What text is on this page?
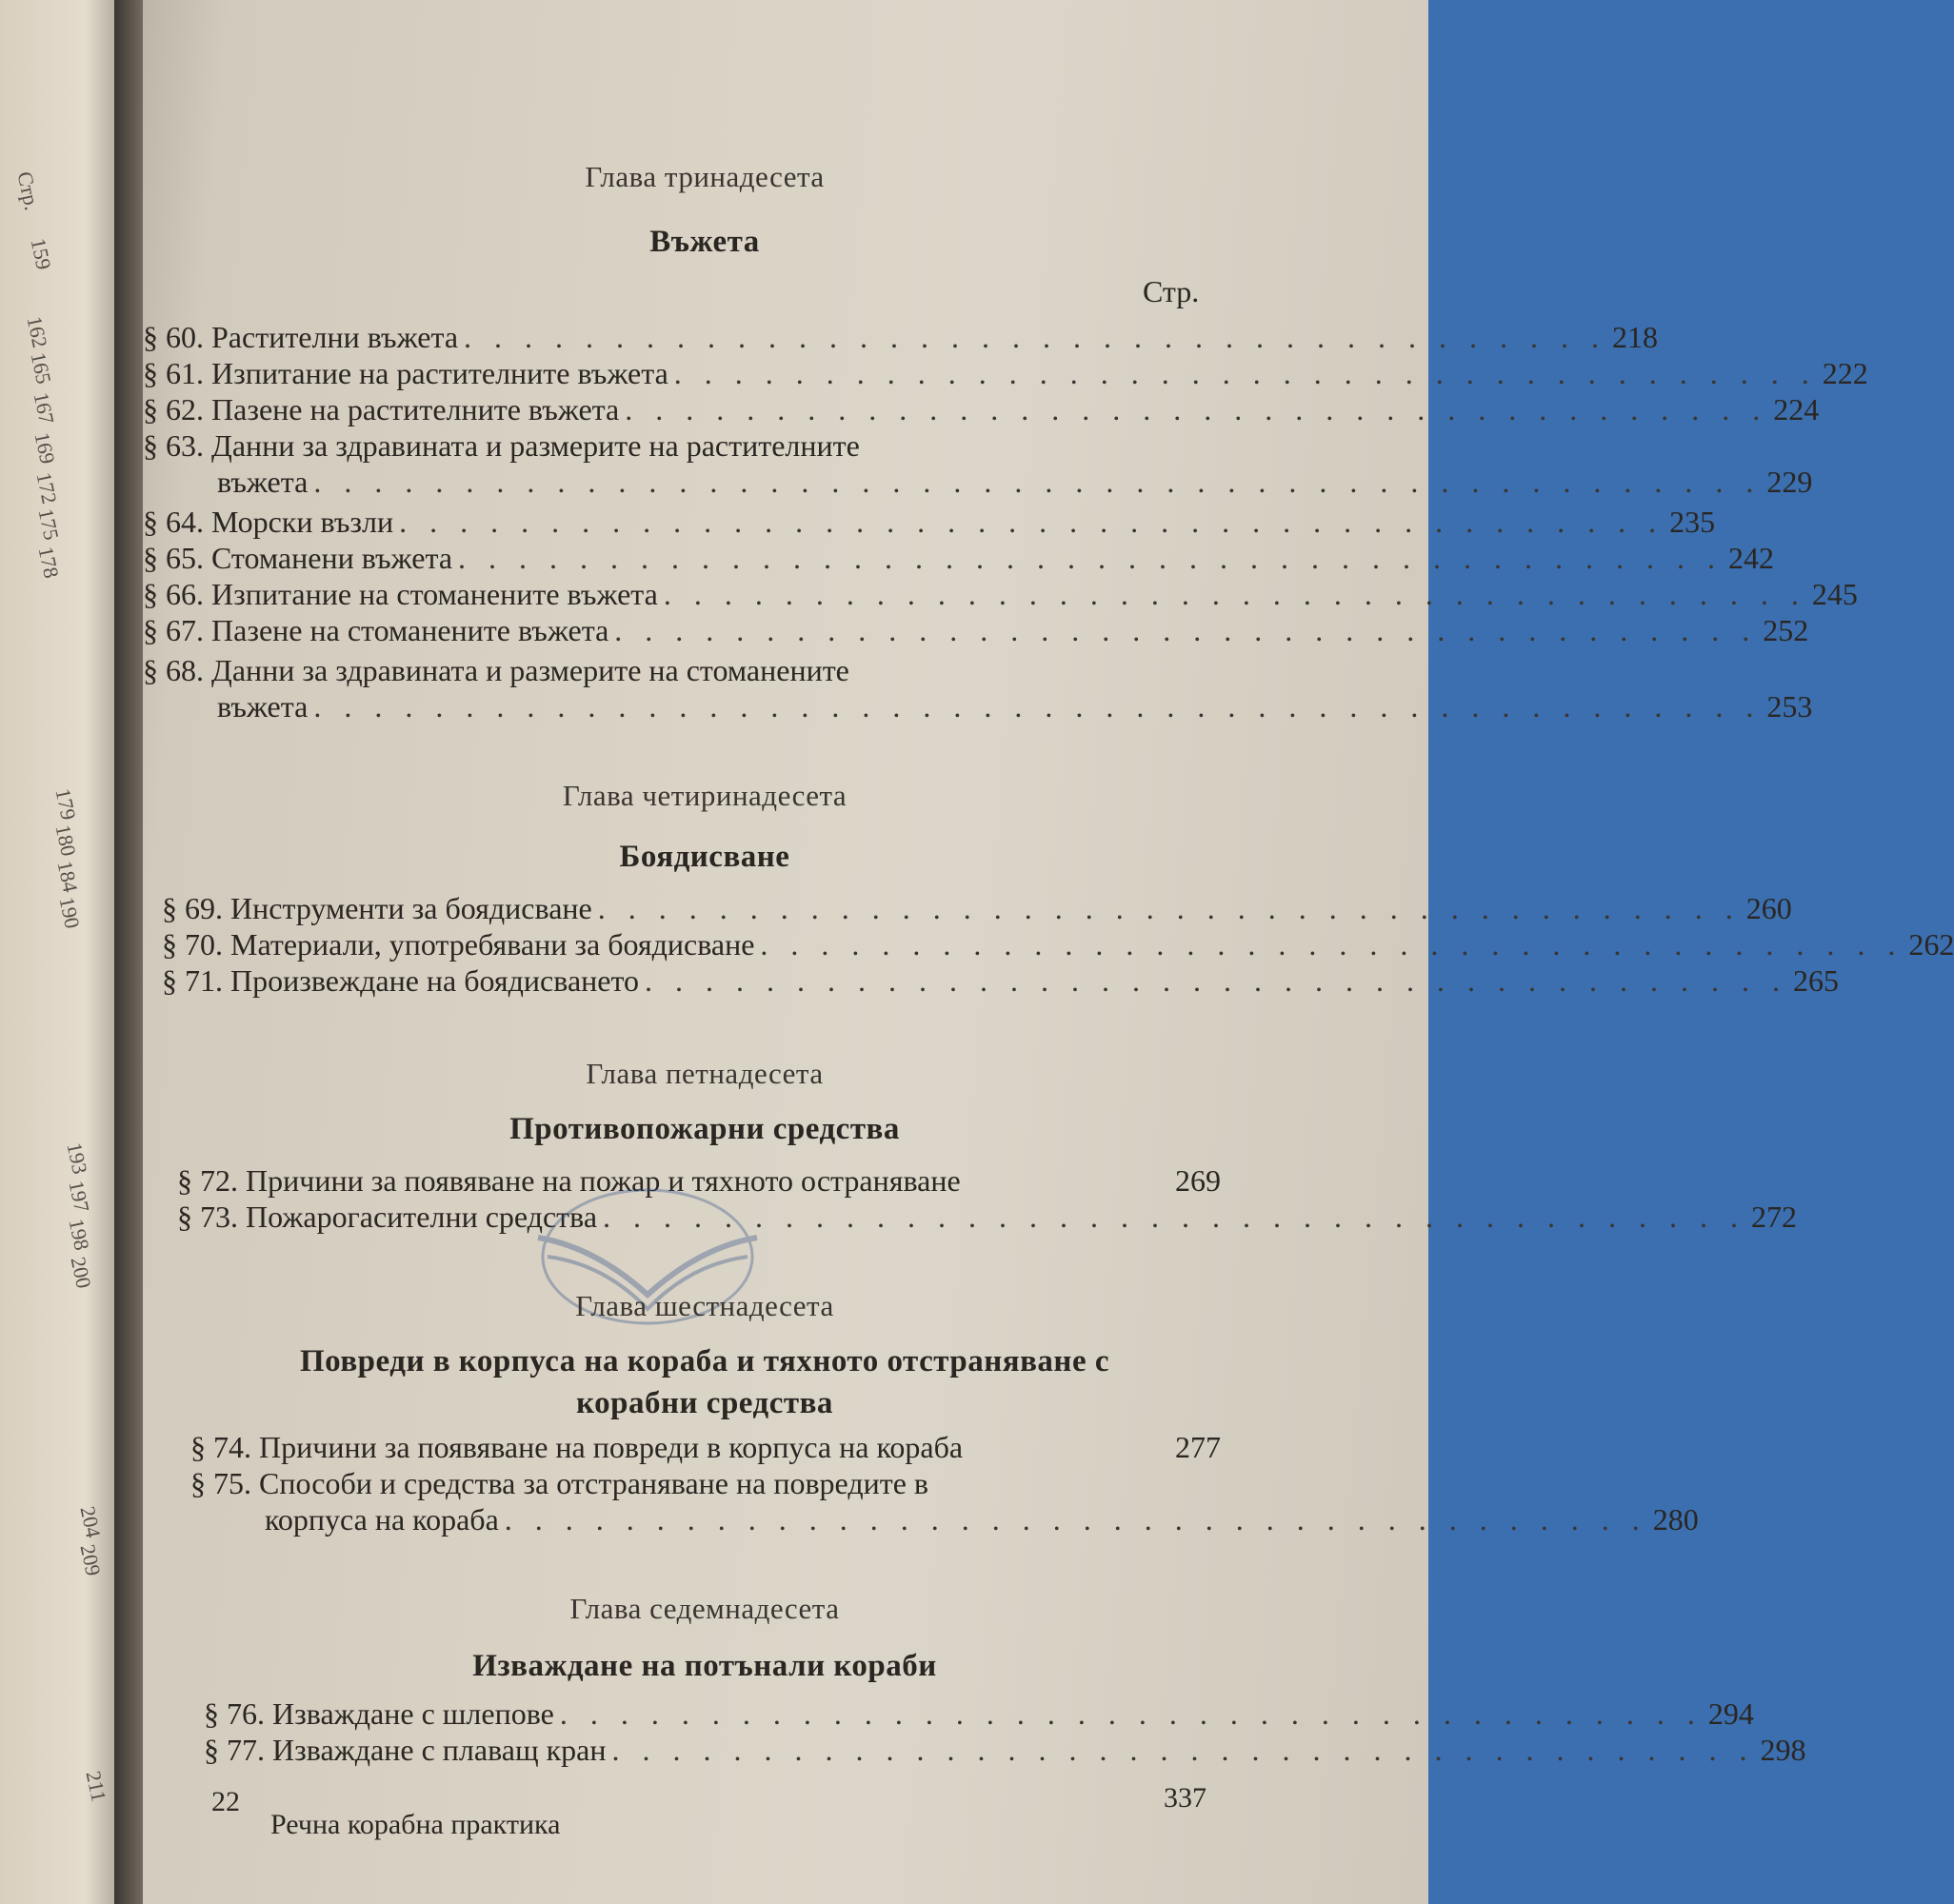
Стр.
159
162
165
167
169
172
175
178
179
180
184
190
193
197
198
200
204
209
211
Глава тринадесета
Въжета
Стр.
§ 60. Растителни въжета . . . . . . . . . . . . . . . . . . . . . . . . . . . . . . . . . . . . . . 218
§ 61. Изпитание на растителните въжета . . . . . . . . . . . . . . . . . . . . . . . . . . . . . . . . . . . . . . 222
§ 62. Пазене на растителните въжета . . . . . . . . . . . . . . . . . . . . . . . . . . . . . . . . . . . . . . 224
§ 63. Данни за здравината и размерите на растителните
въжета . . . . . . . . . . . . . . . . . . . . . . . . . . . . . . . . . . . . . . . . . . . . . . . . 229
§ 64. Морски възли . . . . . . . . . . . . . . . . . . . . . . . . . . . . . . . . . . . . . . . . . . 235
§ 65. Стоманени въжета . . . . . . . . . . . . . . . . . . . . . . . . . . . . . . . . . . . . . . . . . . 242
§ 66. Изпитание на стоманените въжета . . . . . . . . . . . . . . . . . . . . . . . . . . . . . . . . . . . . . . 245
§ 67. Пазене на стоманените въжета . . . . . . . . . . . . . . . . . . . . . . . . . . . . . . . . . . . . . . 252
§ 68. Данни за здравината и размерите на стоманените
въжета . . . . . . . . . . . . . . . . . . . . . . . . . . . . . . . . . . . . . . . . . . . . . . . . 253
Глава четиринадесета
Боядисване
§ 69. Инструменти за боядисване . . . . . . . . . . . . . . . . . . . . . . . . . . . . . . . . . . . . . . 260
§ 70. Материали, употребявани за боядисване . . . . . . . . . . . . . . . . . . . . . . . . . . . . . . . . . . . . . . 262
§ 71. Произвеждане на боядисването . . . . . . . . . . . . . . . . . . . . . . . . . . . . . . . . . . . . . . 265
Глава петнадесета
Противопожарни средства
§ 72. Причини за появяване на пожар и тяхното остраняване	269
§ 73. Пожарогасителни средства . . . . . . . . . . . . . . . . . . . . . . . . . . . . . . . . . . . . . . 272
Глава шестнадесета
Повреди в корпуса на кораба и тяхното отстраняване с
корабни средства
§ 74. Причини за появяване на повреди в корпуса на кораба	277
§ 75. Способи и средства за отстраняване на повредите в
корпуса на кораба . . . . . . . . . . . . . . . . . . . . . . . . . . . . . . . . . . . . . . 280
Глава седемнадесета
Изваждане на потънали кораби
§ 76. Изваждане с шлепове . . . . . . . . . . . . . . . . . . . . . . . . . . . . . . . . . . . . . . 294
§ 77. Изваждане с плаващ кран . . . . . . . . . . . . . . . . . . . . . . . . . . . . . . . . . . . . . . 298
22
Речна корабна практика
337
